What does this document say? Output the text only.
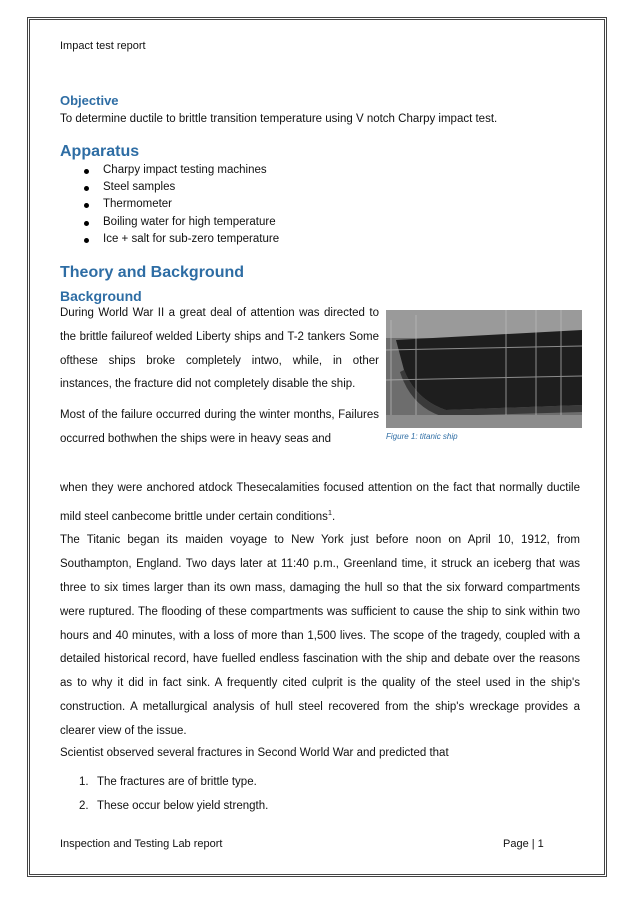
Impact test report
Objective
To determine ductile to brittle transition temperature using V notch Charpy impact test.
Apparatus
Charpy impact testing machines
Steel samples
Thermometer
Boiling water for high temperature
Ice + salt for sub-zero temperature
Theory and Background
Background
During World War II a great deal of attention was directed to the brittle failureof welded Liberty ships and T-2 tankers Some ofthese ships broke completely intwo, while, in other instances, the fracture did not completely disable the ship.
Most of the failure occurred during the winter months, Failures occurred bothwhen the ships were in heavy seas and	Figure 1: titanic ship
when they were anchored atdock Thesecalamities focused attention on the fact that normally ductile mild steel canbecome brittle under certain conditions$^1$.
The Titanic began its maiden voyage to New York just before noon on April 10, 1912, from Southampton, England. Two days later at 11:40 p.m., Greenland time, it struck an iceberg that was three to six times larger than its own mass, damaging the hull so that the six forward compartments were ruptured. The flooding of these compartments was sufficient to cause the ship to sink within two hours and 40 minutes, with a loss of more than 1,500 lives. The scope of the tragedy, coupled with a detailed historical record, have fuelled endless fascination with the ship and debate over the reasons as to why it did in fact sink. A frequently cited culprit is the quality of the steel used in the ship's construction. A metallurgical analysis of hull steel recovered from the ship's wreckage provides a clearer view of the issue.
Scientist observed several fractures in Second World War and predicted that
1. The fractures are of brittle type.
2. These occur below yield strength.
Inspection and Testing Lab report	Page | 1
